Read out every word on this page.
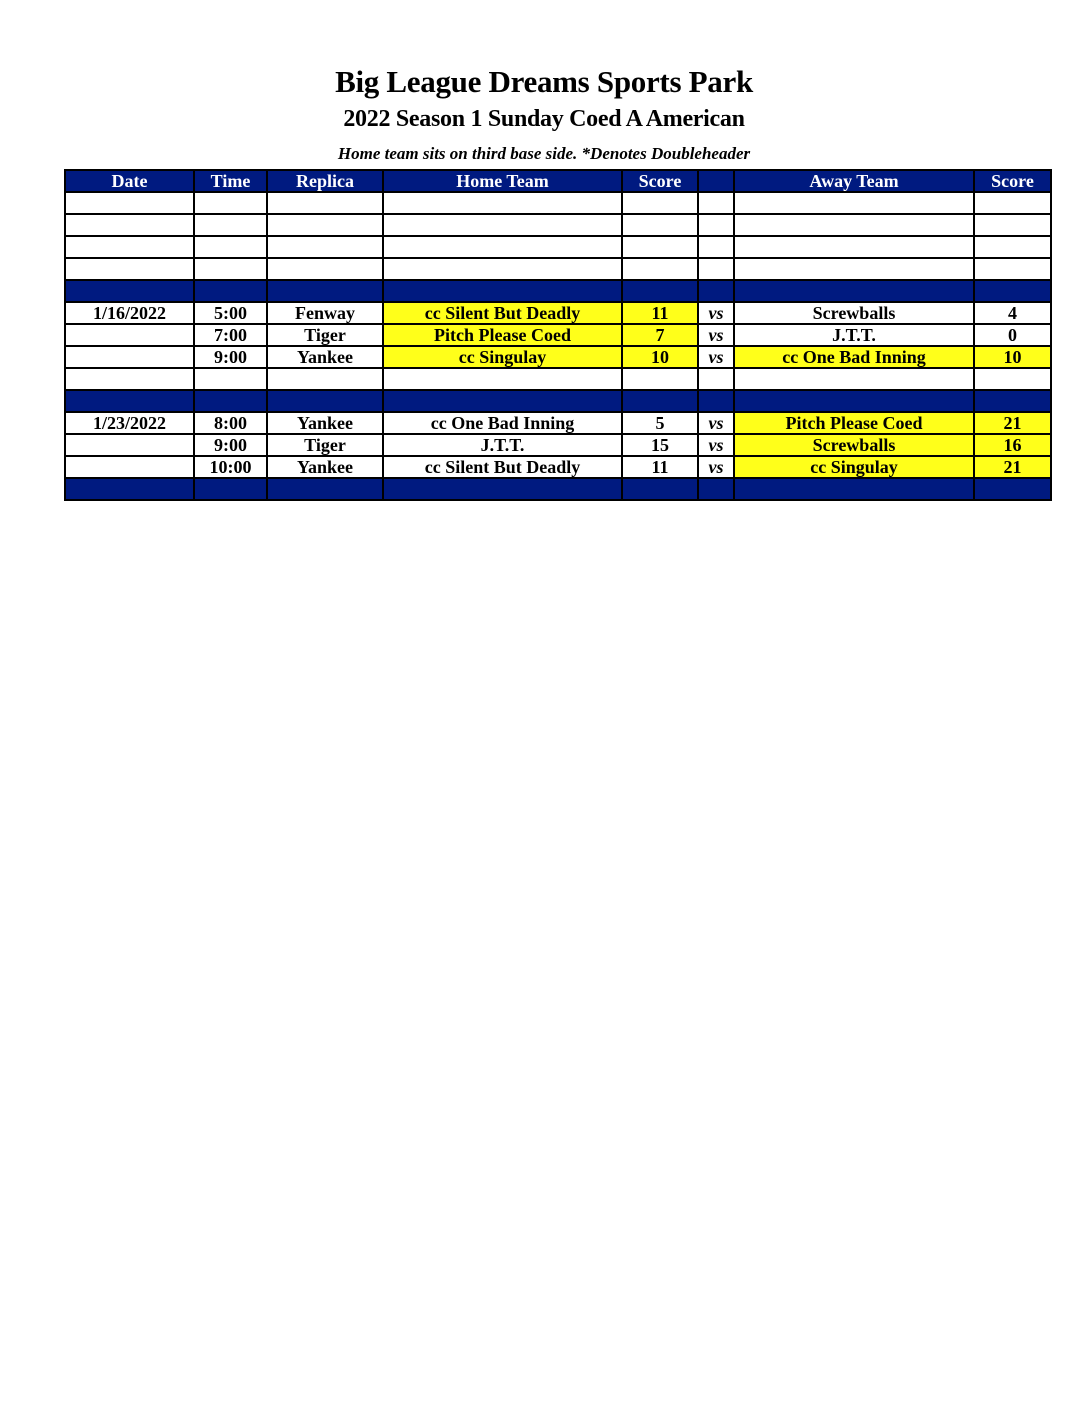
Big League Dreams Sports Park
2022 Season 1 Sunday Coed A American
Home team sits on third base side. *Denotes Doubleheader
Date	Time	Replica	Home Team	Score		Away Team	Score

1/16/2022	5:00	Fenway	cc Silent But Deadly	11	vs	Screwballs	4
	7:00	Tiger	Pitch Please Coed	7	vs	J.T.T.	0
	9:00	Yankee	cc Singulay	10	vs	cc One Bad Inning	10

1/23/2022	8:00	Yankee	cc One Bad Inning	5	vs	Pitch Please Coed	21
	9:00	Tiger	J.T.T.	15	vs	Screwballs	16
	10:00	Yankee	cc Silent But Deadly	11	vs	cc Singulay	21
